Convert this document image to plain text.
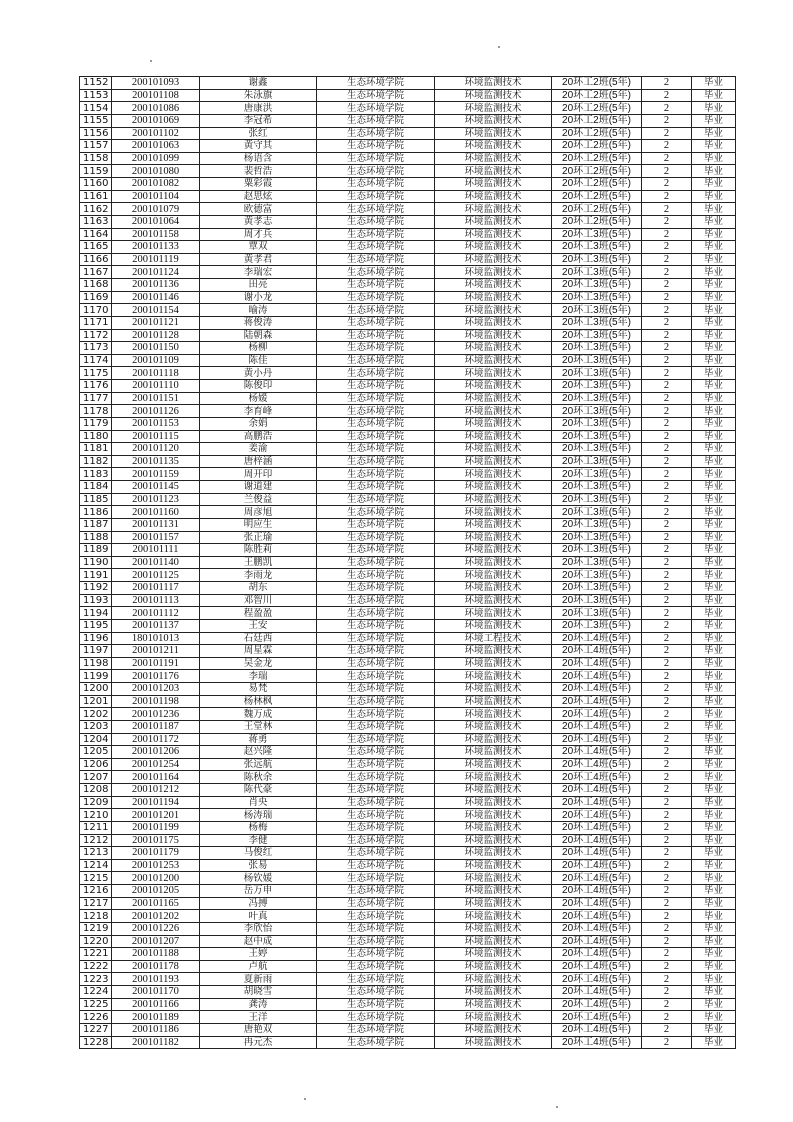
1152	200101093	谢鑫	生态环境学院	环境监测技术	20环工2班(5年)	2	毕业
1153	200101108	朱泳旗	生态环境学院	环境监测技术	20环工2班(5年)	2	毕业
1154	200101086	唐康洪	生态环境学院	环境监测技术	20环工2班(5年)	2	毕业
1155	200101069	李冠希	生态环境学院	环境监测技术	20环工2班(5年)	2	毕业
1156	200101102	张红	生态环境学院	环境监测技术	20环工2班(5年)	2	毕业
1157	200101063	黄守其	生态环境学院	环境监测技术	20环工2班(5年)	2	毕业
1158	200101099	杨语含	生态环境学院	环境监测技术	20环工2班(5年)	2	毕业
1159	200101080	裴哲浩	生态环境学院	环境监测技术	20环工2班(5年)	2	毕业
1160	200101082	粟彩霞	生态环境学院	环境监测技术	20环工2班(5年)	2	毕业
1161	200101104	赵思炫	生态环境学院	环境监测技术	20环工2班(5年)	2	毕业
1162	200101079	欧德富	生态环境学院	环境监测技术	20环工2班(5年)	2	毕业
1163	200101064	黄孝志	生态环境学院	环境监测技术	20环工2班(5年)	2	毕业
1164	200101158	周才兵	生态环境学院	环境监测技术	20环工3班(5年)	2	毕业
1165	200101133	覃双	生态环境学院	环境监测技术	20环工3班(5年)	2	毕业
1166	200101119	黄孝君	生态环境学院	环境监测技术	20环工3班(5年)	2	毕业
1167	200101124	李瑞宏	生态环境学院	环境监测技术	20环工3班(5年)	2	毕业
1168	200101136	田亮	生态环境学院	环境监测技术	20环工3班(5年)	2	毕业
1169	200101146	谢小龙	生态环境学院	环境监测技术	20环工3班(5年)	2	毕业
1170	200101154	喻涛	生态环境学院	环境监测技术	20环工3班(5年)	2	毕业
1171	200101121	蒋俊涛	生态环境学院	环境监测技术	20环工3班(5年)	2	毕业
1172	200101128	陆朝森	生态环境学院	环境监测技术	20环工3班(5年)	2	毕业
1173	200101150	杨柳	生态环境学院	环境监测技术	20环工3班(5年)	2	毕业
1174	200101109	陈佳	生态环境学院	环境监测技术	20环工3班(5年)	2	毕业
1175	200101118	黄小丹	生态环境学院	环境监测技术	20环工3班(5年)	2	毕业
1176	200101110	陈俊印	生态环境学院	环境监测技术	20环工3班(5年)	2	毕业
1177	200101151	杨媛	生态环境学院	环境监测技术	20环工3班(5年)	2	毕业
1178	200101126	李育峰	生态环境学院	环境监测技术	20环工3班(5年)	2	毕业
1179	200101153	余娟	生态环境学院	环境监测技术	20环工3班(5年)	2	毕业
1180	200101115	高鹏浩	生态环境学院	环境监测技术	20环工3班(5年)	2	毕业
1181	200101120	姜渝	生态环境学院	环境监测技术	20环工3班(5年)	2	毕业
1182	200101135	唐梓涵	生态环境学院	环境监测技术	20环工3班(5年)	2	毕业
1183	200101159	周开印	生态环境学院	环境监测技术	20环工3班(5年)	2	毕业
1184	200101145	谢道建	生态环境学院	环境监测技术	20环工3班(5年)	2	毕业
1185	200101123	兰俊益	生态环境学院	环境监测技术	20环工3班(5年)	2	毕业
1186	200101160	周彦旭	生态环境学院	环境监测技术	20环工3班(5年)	2	毕业
1187	200101131	明应生	生态环境学院	环境监测技术	20环工3班(5年)	2	毕业
1188	200101157	张正瑜	生态环境学院	环境监测技术	20环工3班(5年)	2	毕业
1189	200101111	陈胜莉	生态环境学院	环境监测技术	20环工3班(5年)	2	毕业
1190	200101140	王鹏凯	生态环境学院	环境监测技术	20环工3班(5年)	2	毕业
1191	200101125	李雨龙	生态环境学院	环境监测技术	20环工3班(5年)	2	毕业
1192	200101117	胡东	生态环境学院	环境监测技术	20环工3班(5年)	2	毕业
1193	200101113	邓智川	生态环境学院	环境监测技术	20环工3班(5年)	2	毕业
1194	200101112	程盈盈	生态环境学院	环境监测技术	20环工3班(5年)	2	毕业
1195	200101137	王安	生态环境学院	环境监测技术	20环工3班(5年)	2	毕业
1196	180101013	石廷西	生态环境学院	环境工程技术	20环工4班(5年)	2	毕业
1197	200101211	周星霖	生态环境学院	环境监测技术	20环工4班(5年)	2	毕业
1198	200101191	吴金龙	生态环境学院	环境监测技术	20环工4班(5年)	2	毕业
1199	200101176	李瑞	生态环境学院	环境监测技术	20环工4班(5年)	2	毕业
1200	200101203	易梵	生态环境学院	环境监测技术	20环工4班(5年)	2	毕业
1201	200101198	杨林枫	生态环境学院	环境监测技术	20环工4班(5年)	2	毕业
1202	200101236	魏万成	生态环境学院	环境监测技术	20环工4班(5年)	2	毕业
1203	200101187	王堂林	生态环境学院	环境监测技术	20环工4班(5年)	2	毕业
1204	200101172	蒋勇	生态环境学院	环境监测技术	20环工4班(5年)	2	毕业
1205	200101206	赵兴隆	生态环境学院	环境监测技术	20环工4班(5年)	2	毕业
1206	200101254	张远航	生态环境学院	环境监测技术	20环工4班(5年)	2	毕业
1207	200101164	陈秋余	生态环境学院	环境监测技术	20环工4班(5年)	2	毕业
1208	200101212	陈代豪	生态环境学院	环境监测技术	20环工4班(5年)	2	毕业
1209	200101194	肖央	生态环境学院	环境监测技术	20环工4班(5年)	2	毕业
1210	200101201	杨涛瑞	生态环境学院	环境监测技术	20环工4班(5年)	2	毕业
1211	200101199	杨梅	生态环境学院	环境监测技术	20环工4班(5年)	2	毕业
1212	200101175	李健	生态环境学院	环境监测技术	20环工4班(5年)	2	毕业
1213	200101179	马俊红	生态环境学院	环境监测技术	20环工4班(5年)	2	毕业
1214	200101253	张易	生态环境学院	环境监测技术	20环工4班(5年)	2	毕业
1215	200101200	杨钦媛	生态环境学院	环境监测技术	20环工4班(5年)	2	毕业
1216	200101205	岳万申	生态环境学院	环境监测技术	20环工4班(5年)	2	毕业
1217	200101165	冯搏	生态环境学院	环境监测技术	20环工4班(5年)	2	毕业
1218	200101202	叶真	生态环境学院	环境监测技术	20环工4班(5年)	2	毕业
1219	200101226	李欣怡	生态环境学院	环境监测技术	20环工4班(5年)	2	毕业
1220	200101207	赵中成	生态环境学院	环境监测技术	20环工4班(5年)	2	毕业
1221	200101188	王婷	生态环境学院	环境监测技术	20环工4班(5年)	2	毕业
1222	200101178	卢航	生态环境学院	环境监测技术	20环工4班(5年)	2	毕业
1223	200101193	夏新雨	生态环境学院	环境监测技术	20环工4班(5年)	2	毕业
1224	200101170	胡晓雪	生态环境学院	环境监测技术	20环工4班(5年)	2	毕业
1225	200101166	龚涛	生态环境学院	环境监测技术	20环工4班(5年)	2	毕业
1226	200101189	王洋	生态环境学院	环境监测技术	20环工4班(5年)	2	毕业
1227	200101186	唐艳双	生态环境学院	环境监测技术	20环工4班(5年)	2	毕业
1228	200101182	冉元杰	生态环境学院	环境监测技术	20环工4班(5年)	2	毕业
